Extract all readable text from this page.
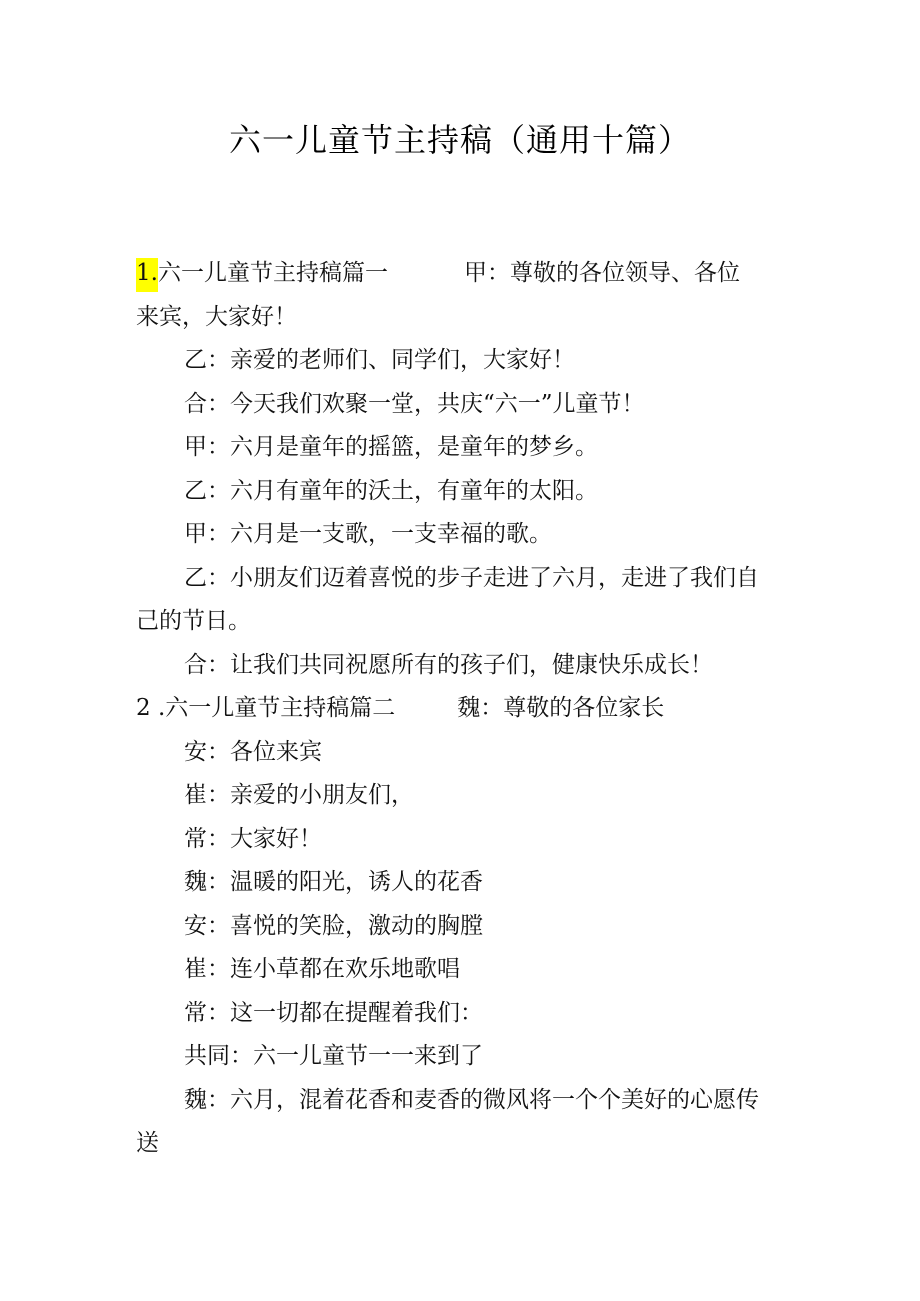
六一儿童节主持稿（通用十篇）
1.六一儿童节主持稿篇一	甲：尊敬的各位领导、各位
来宾，大家好！
乙：亲爱的老师们、同学们，大家好！
合：今天我们欢聚一堂，共庆“六一”儿童节！
甲：六月是童年的摇篮，是童年的梦乡。
乙：六月有童年的沃土，有童年的太阳。
甲：六月是一支歌，一支幸福的歌。
乙：小朋友们迈着喜悦的步子走进了六月，走进了我们自
己的节日。
合：让我们共同祝愿所有的孩子们，健康快乐成长！
2 .六一儿童节主持稿篇二	魏：尊敬的各位家长
安：各位来宾
崔：亲爱的小朋友们，
常：大家好！
魏：温暖的阳光，诱人的花香
安：喜悦的笑脸，激动的胸膛
崔：连小草都在欢乐地歌唱
常：这一切都在提醒着我们：
共同：六一儿童节一一来到了
魏：六月，混着花香和麦香的微风将一个个美好的心愿传
送
